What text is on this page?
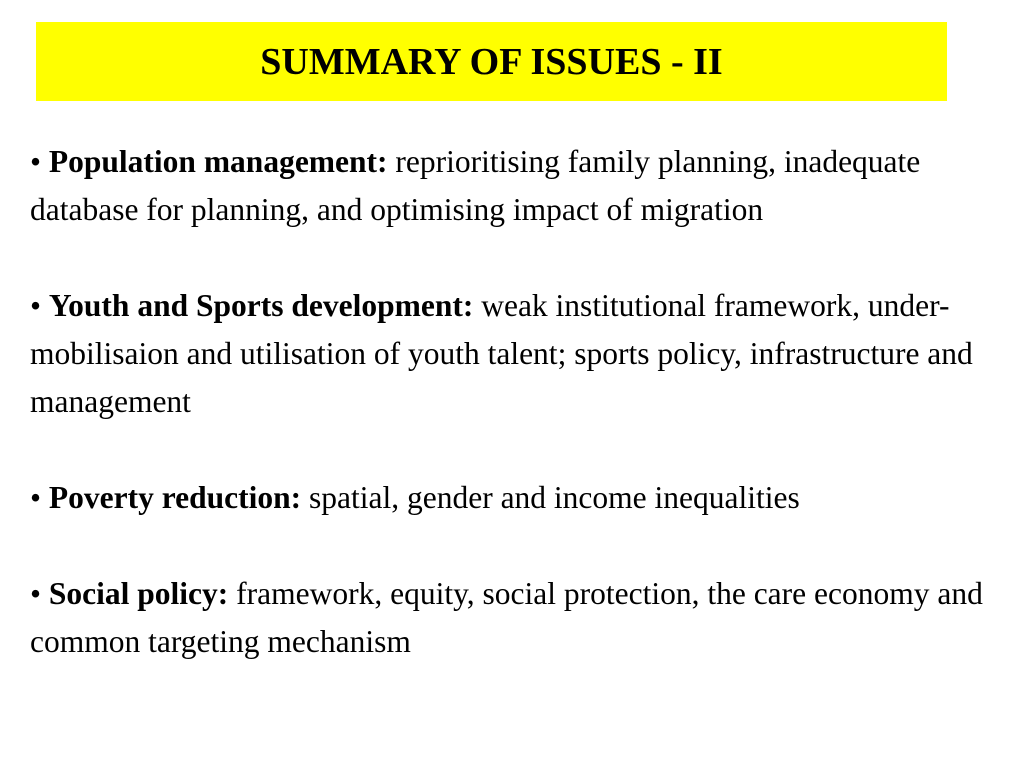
SUMMARY OF ISSUES - II

• Population management: reprioritising family planning, inadequate database for planning, and optimising impact of migration

• Youth and Sports development: weak institutional framework, under-mobilisaion and utilisation of youth talent; sports policy, infrastructure and management

• Poverty reduction: spatial, gender and income inequalities

• Social policy: framework, equity, social protection, the care economy and common targeting mechanism
